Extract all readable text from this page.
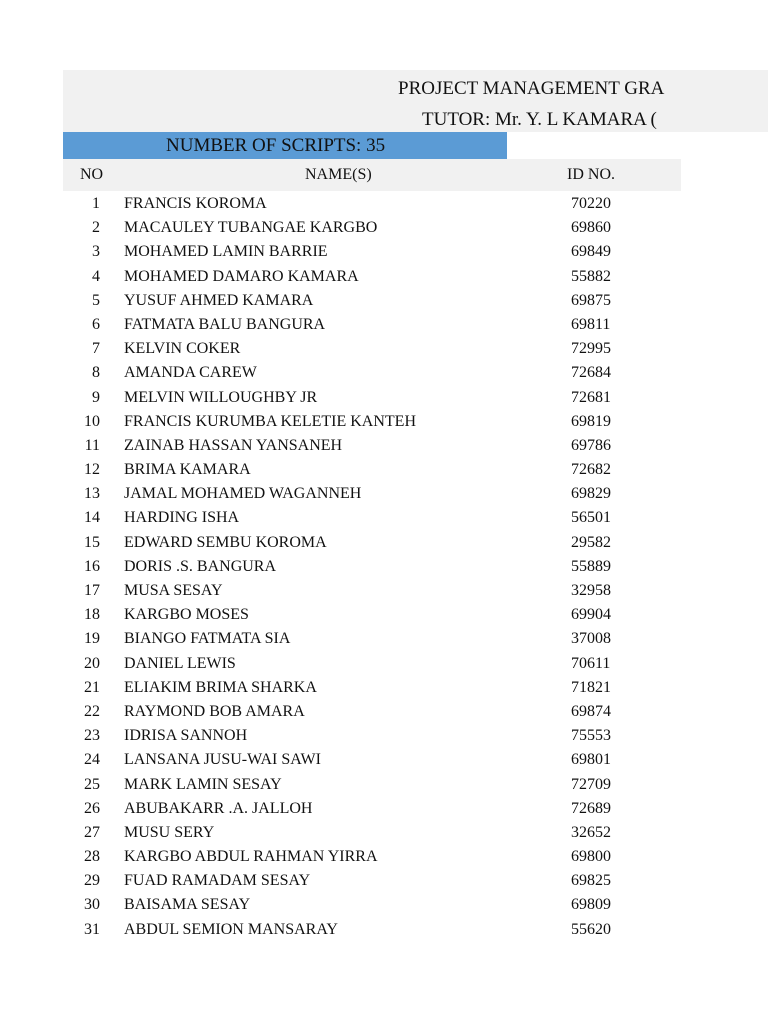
PROJECT MANAGEMENT GRA
TUTOR: Mr. Y. L KAMARA (
NUMBER OF SCRIPTS: 35
NO	NAME(S)	ID NO.
1 FRANCIS KOROMA	70220
2 MACAULEY TUBANGAE KARGBO	69860
3 MOHAMED LAMIN BARRIE	69849
4 MOHAMED DAMARO KAMARA	55882
5 YUSUF AHMED KAMARA	69875
6 FATMATA BALU BANGURA	69811
7 KELVIN COKER	72995
8 AMANDA CAREW	72684
9 MELVIN WILLOUGHBY JR	72681
10 FRANCIS KURUMBA KELETIE KANTEH	69819
11 ZAINAB HASSAN YANSANEH	69786
12 BRIMA KAMARA	72682
13 JAMAL MOHAMED WAGANNEH	69829
14 HARDING ISHA	56501
15 EDWARD SEMBU KOROMA	29582
16 DORIS .S. BANGURA	55889
17 MUSA SESAY	32958
18 KARGBO MOSES	69904
19 BIANGO FATMATA SIA	37008
20 DANIEL LEWIS	70611
21 ELIAKIM BRIMA SHARKA	71821
22 RAYMOND BOB AMARA	69874
23 IDRISA SANNOH	75553
24 LANSANA JUSU-WAI SAWI	69801
25 MARK LAMIN SESAY	72709
26 ABUBAKARR .A. JALLOH	72689
27 MUSU SERY	32652
28 KARGBO ABDUL RAHMAN YIRRA	69800
29 FUAD RAMADAM SESAY	69825
30 BAISAMA SESAY	69809
31 ABDUL SEMION MANSARAY	55620
